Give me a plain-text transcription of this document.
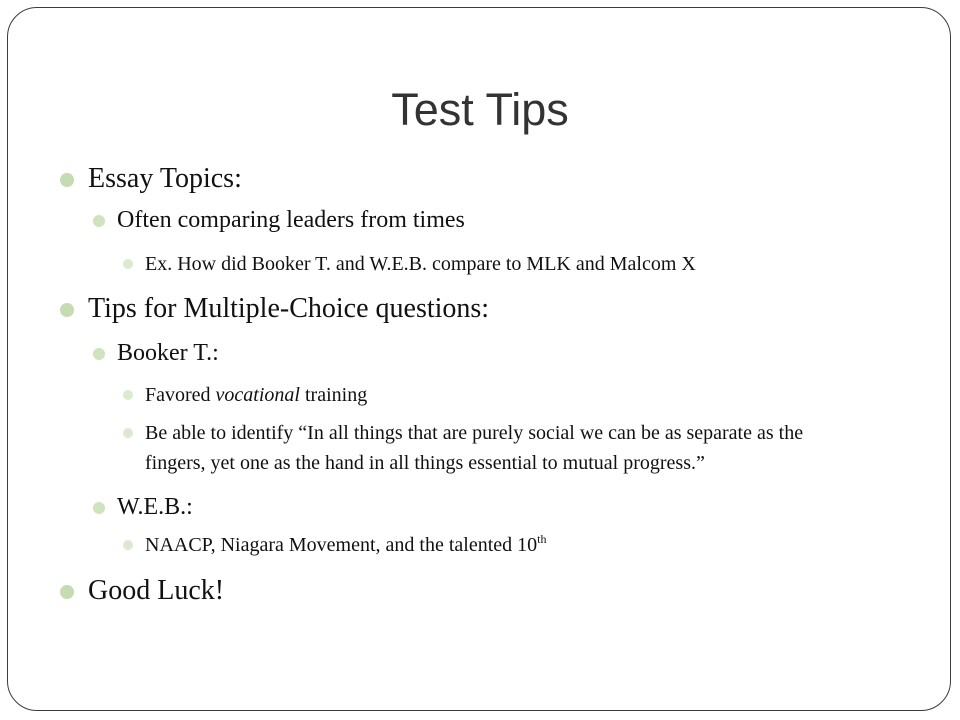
Test Tips
Essay Topics:
Often comparing leaders from times
Ex. How did Booker T. and W.E.B. compare to MLK and Malcom X
Tips for Multiple-Choice questions:
Booker T.:
Favored vocational training
Be able to identify “In all things that are purely social we can be as separate as the
fingers, yet one as the hand in all things essential to mutual progress.”
W.E.B.:
NAACP, Niagara Movement, and the talented 10th
Good Luck!
